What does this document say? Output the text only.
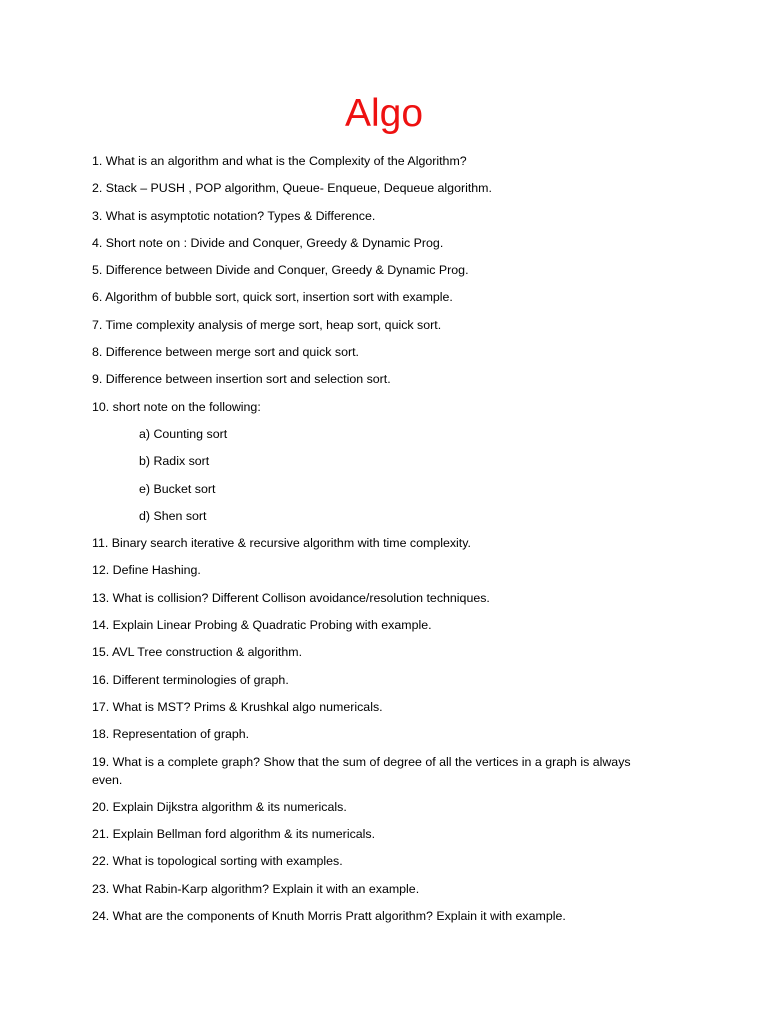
Algo
1. What is an algorithm and what is the Complexity of the Algorithm?
2. Stack – PUSH , POP algorithm, Queue- Enqueue, Dequeue algorithm.
3. What is asymptotic notation? Types & Difference.
4. Short note on : Divide and Conquer, Greedy & Dynamic Prog.
5. Difference between Divide and Conquer, Greedy & Dynamic Prog.
6. Algorithm of bubble sort, quick sort, insertion sort with example.
7. Time complexity analysis of merge sort, heap sort, quick sort.
8. Difference between merge sort and quick sort.
9. Difference between insertion sort and selection sort.
10. short note on the following:
a) Counting sort
b) Radix sort
e) Bucket sort
d) Shen sort
11. Binary search iterative & recursive algorithm with time complexity.
12. Define Hashing.
13. What is collision? Different Collison avoidance/resolution techniques.
14. Explain Linear Probing & Quadratic Probing with example.
15. AVL Tree construction & algorithm.
16. Different terminologies of graph.
17. What is MST? Prims & Krushkal algo numericals.
18. Representation of graph.
19. What is a complete graph? Show that the sum of degree of all the vertices in a graph is always even.
20. Explain Dijkstra algorithm & its numericals.
21. Explain Bellman ford algorithm & its numericals.
22. What is topological sorting with examples.
23. What Rabin-Karp algorithm? Explain it with an example.
24. What are the components of Knuth Morris Pratt algorithm? Explain it with example.
